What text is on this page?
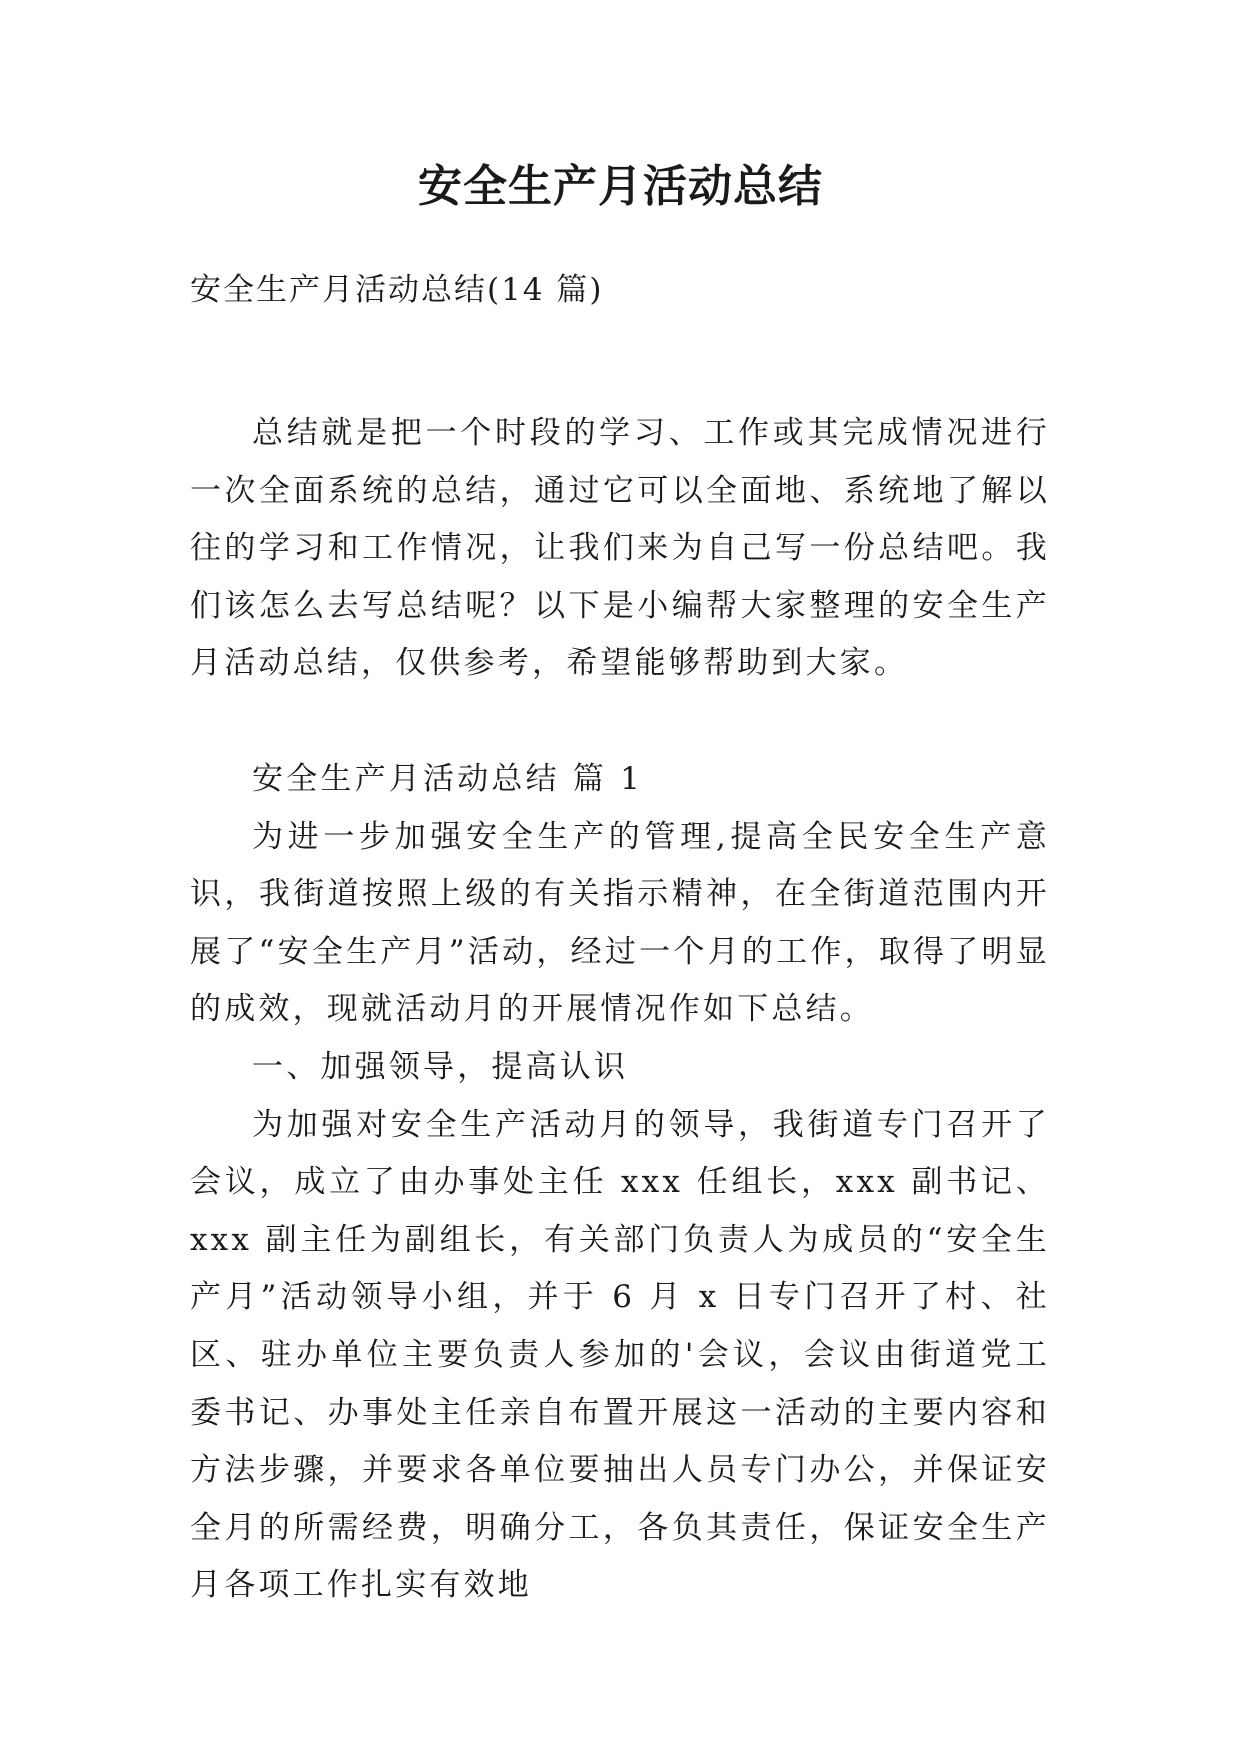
安全生产月活动总结
安全生产月活动总结(14 篇)

总结就是把一个时段的学习、工作或其完成情况进行一次全面系统的总结，通过它可以全面地、系统地了解以往的学习和工作情况，让我们来为自己写一份总结吧。我们该怎么去写总结呢？以下是小编帮大家整理的安全生产月活动总结，仅供参考，希望能够帮助到大家。

安全生产月活动总结 篇 1

为进一步加强安全生产的管理,提高全民安全生产意识，我街道按照上级的有关指示精神，在全街道范围内开展了“安全生产月”活动，经过一个月的工作，取得了明显的成效，现就活动月的开展情况作如下总结。

一、加强领导，提高认识

为加强对安全生产活动月的领导，我街道专门召开了会议，成立了由办事处主任 xxx 任组长，xxx 副书记、xxx 副主任为副组长，有关部门负责人为成员的“安全生产月”活动领导小组，并于 6 月 x 日专门召开了村、社区、驻办单位主要负责人参加的'会议，会议由街道党工委书记、办事处主任亲自布置开展这一活动的主要内容和方法步骤，并要求各单位要抽出人员专门办公，并保证安全月的所需经费，明确分工，各负其责任，保证安全生产月各项工作扎实有效地
